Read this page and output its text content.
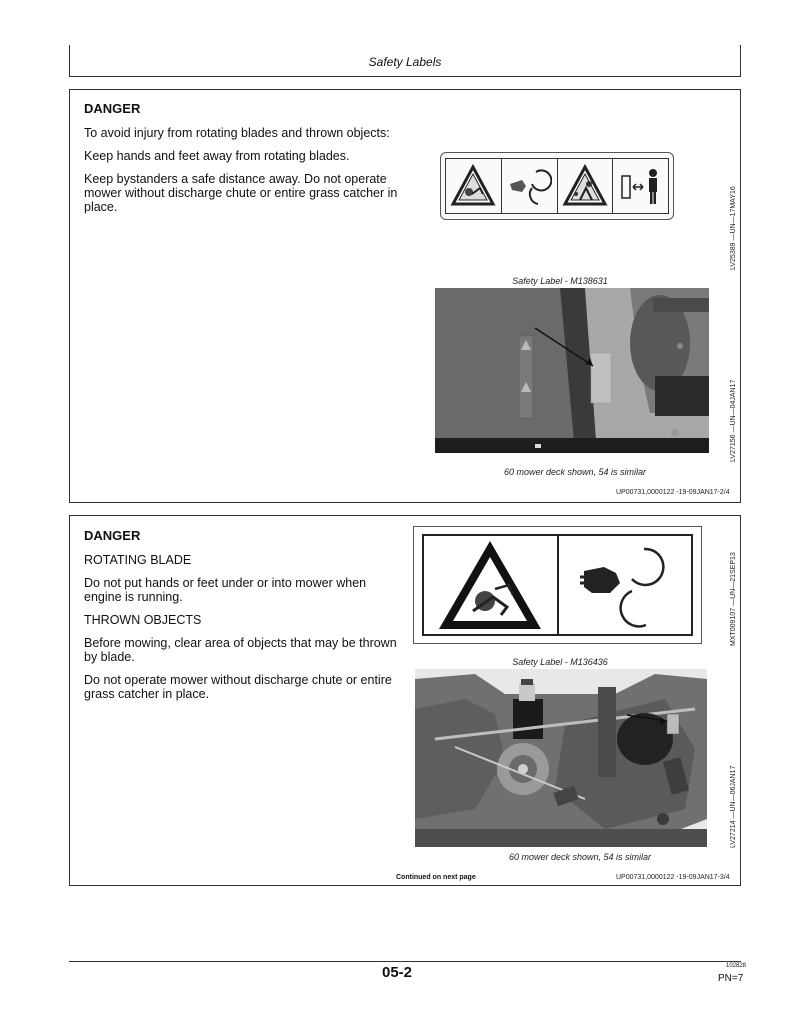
Safety Labels

DANGER

To avoid injury from rotating blades and thrown objects:

Keep hands and feet away from rotating blades.

Keep bystanders a safe distance away. Do not operate mower without discharge chute or entire grass catcher in place.	LV25389 —UN—17MAY16
Safety Label - M138631
LV27156 —UN—04JAN17
60 mower deck shown, 54 is similar
UP00731,0000122 -19-09JAN17-2/4

DANGER

ROTATING BLADE

Do not put hands or feet under or into mower when engine is running.

THROWN OBJECTS

Before mowing, clear area of objects that may be thrown by blade.

Do not operate mower without discharge chute or entire grass catcher in place.

MXT009107 —UN—21SEP13
Safety Label - M136436
LV27214 —UN—06JAN17
60 mower deck shown, 54 is similar
Continued on next page	UP00731,0000122 -19-09JAN17-3/4
05-2	102828
PN=7
